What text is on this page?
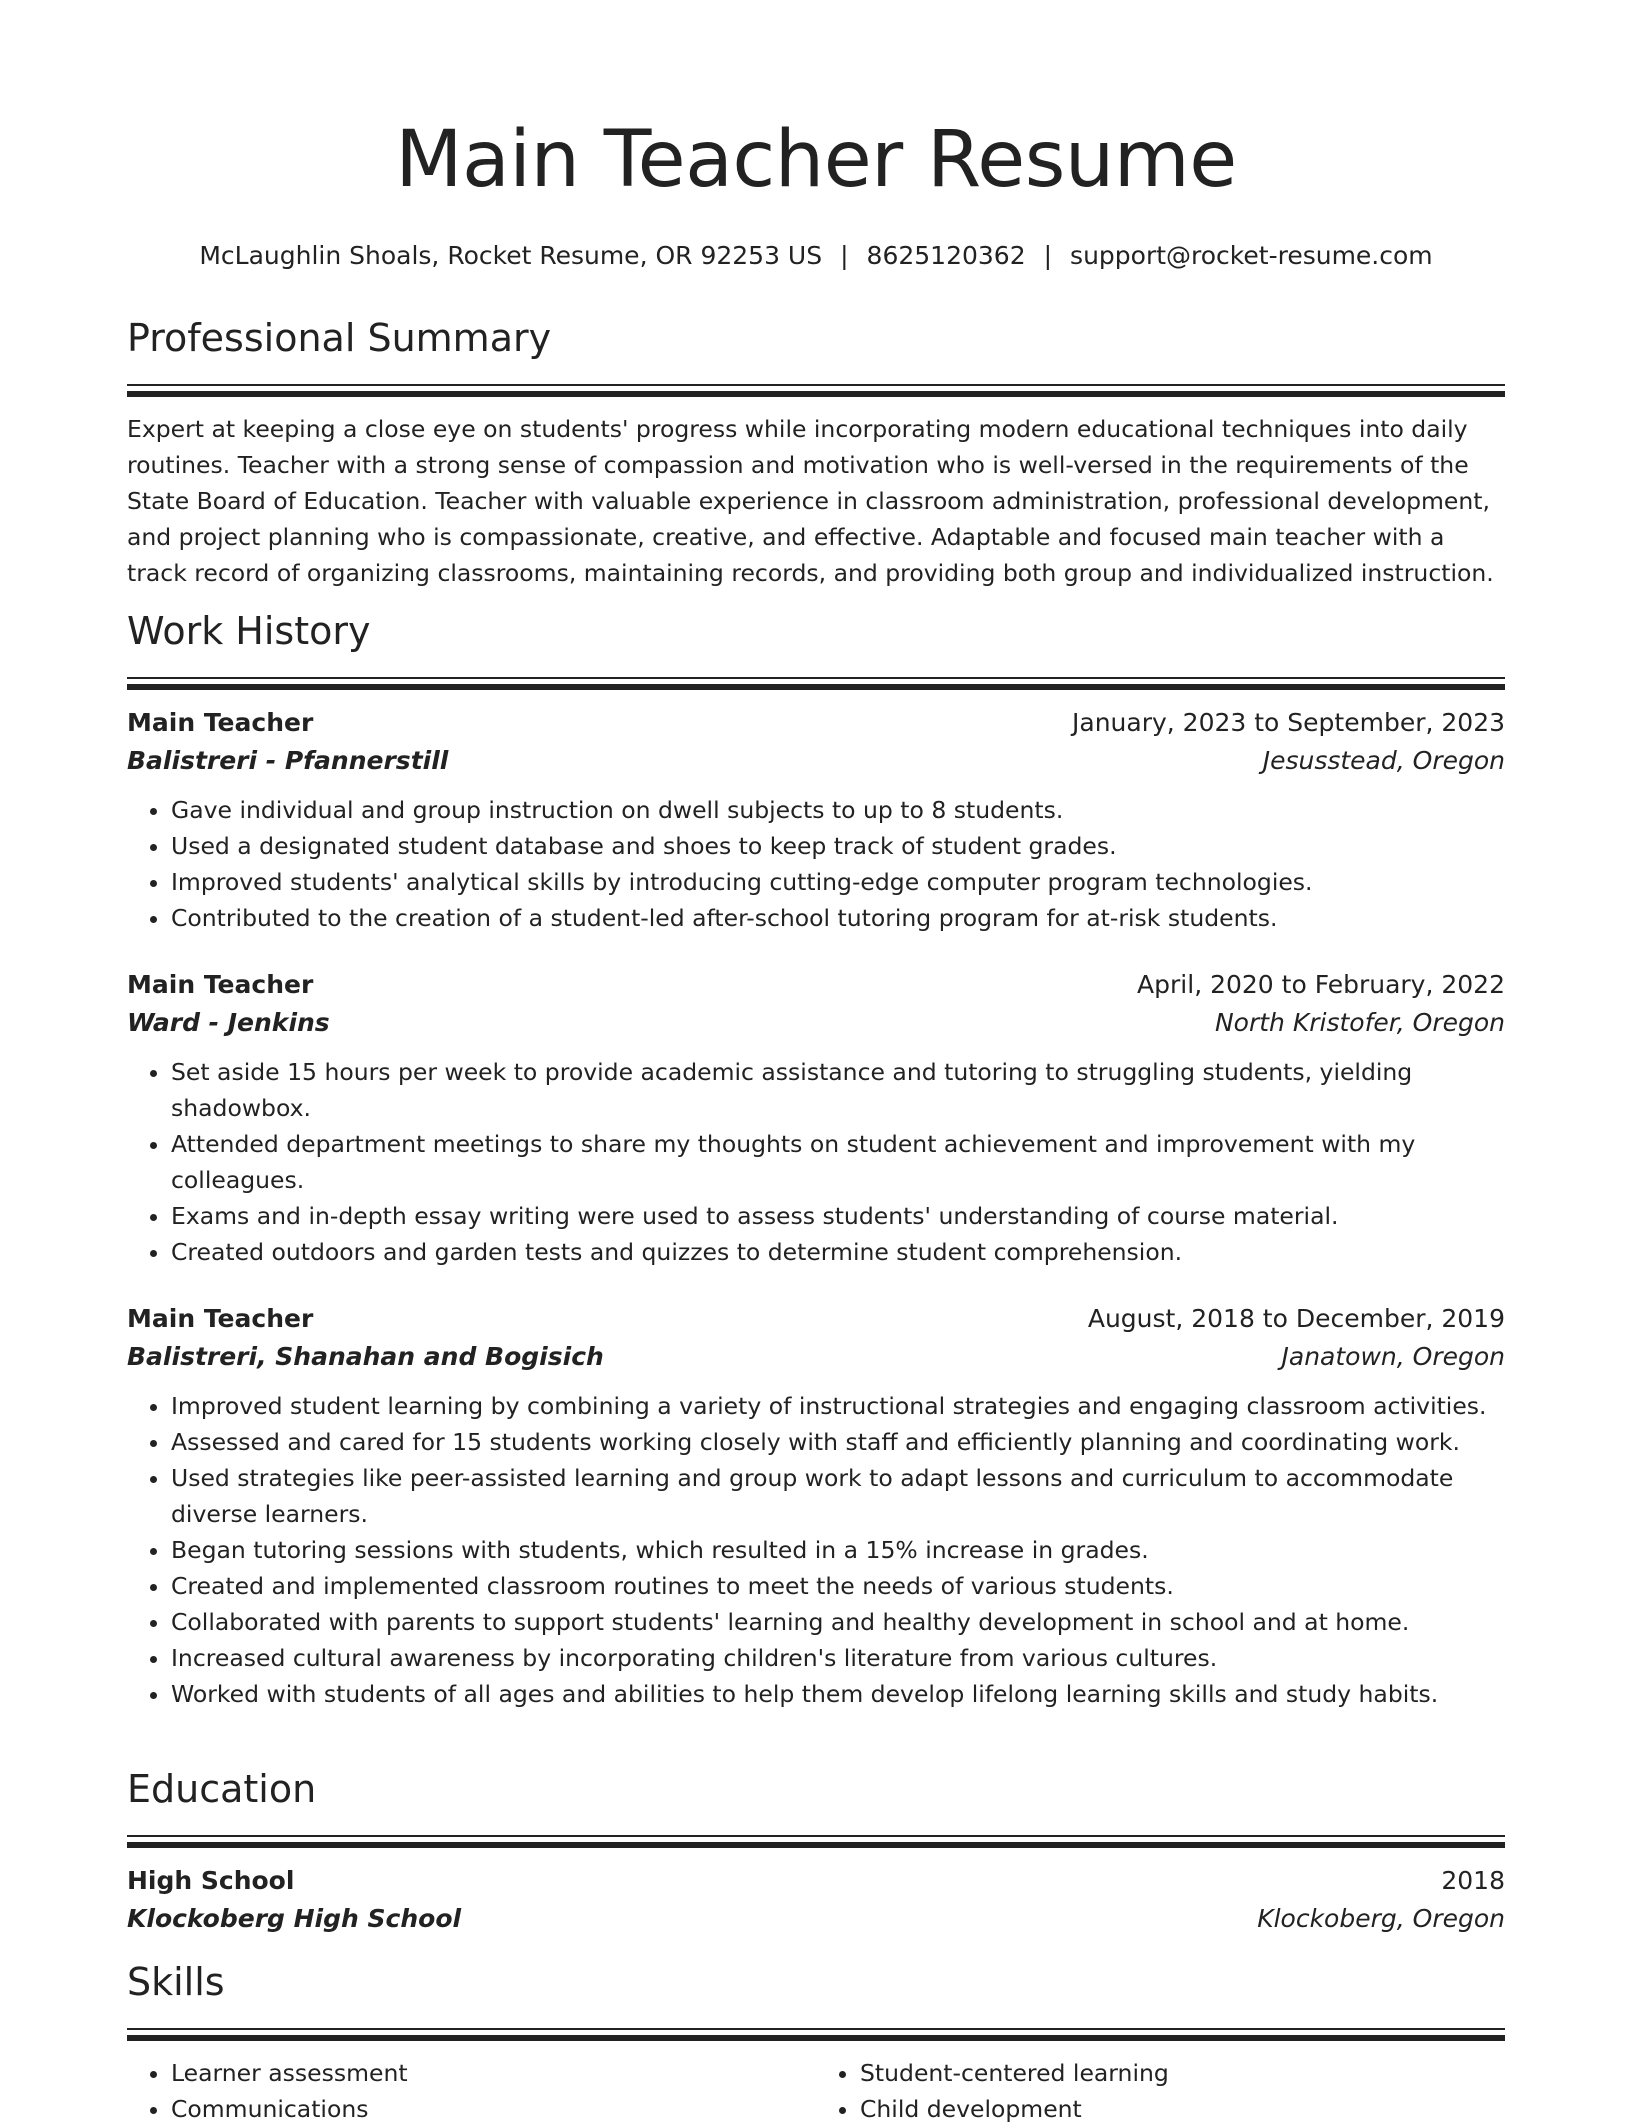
Main Teacher Resume
McLaughlin Shoals, Rocket Resume, OR 92253 US | 8625120362 | support@rocket-resume.com
Professional Summary

Expert at keeping a close eye on students' progress while incorporating modern educational techniques into daily routines. Teacher with a strong sense of compassion and motivation who is well-versed in the requirements of the State Board of Education. Teacher with valuable experience in classroom administration, professional development, and project planning who is compassionate, creative, and effective. Adaptable and focused main teacher with a track record of organizing classrooms, maintaining records, and providing both group and individualized instruction.

Work History
Main Teacher	January, 2023 to September, 2023
Balistreri - Pfannerstill	Jesusstead, Oregon
• Gave individual and group instruction on dwell subjects to up to 8 students.
• Used a designated student database and shoes to keep track of student grades.
• Improved students' analytical skills by introducing cutting-edge computer program technologies.
• Contributed to the creation of a student-led after-school tutoring program for at-risk students.
Main Teacher	April, 2020 to February, 2022
Ward - Jenkins	North Kristofer, Oregon
• Set aside 15 hours per week to provide academic assistance and tutoring to struggling students, yielding shadowbox.
• Attended department meetings to share my thoughts on student achievement and improvement with my colleagues.
• Exams and in-depth essay writing were used to assess students' understanding of course material.
• Created outdoors and garden tests and quizzes to determine student comprehension.
Main Teacher	August, 2018 to December, 2019
Balistreri, Shanahan and Bogisich	Janatown, Oregon
• Improved student learning by combining a variety of instructional strategies and engaging classroom activities.
• Assessed and cared for 15 students working closely with staff and efficiently planning and coordinating work.
• Used strategies like peer-assisted learning and group work to adapt lessons and curriculum to accommodate diverse learners.
• Began tutoring sessions with students, which resulted in a 15% increase in grades.
• Created and implemented classroom routines to meet the needs of various students.
• Collaborated with parents to support students' learning and healthy development in school and at home.
• Increased cultural awareness by incorporating children's literature from various cultures.
• Worked with students of all ages and abilities to help them develop lifelong learning skills and study habits.
Education
High School	2018
Klockoberg High School	Klockoberg, Oregon
Skills
• Learner assessment
• Communications
• Student-centered learning
• Child development
